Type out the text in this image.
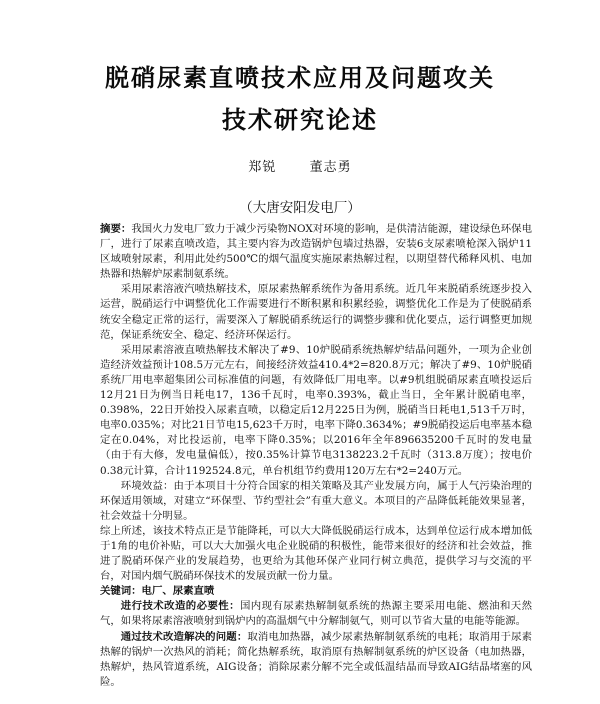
脱硝尿素直喷技术应用及问题攻关
技术研究论述
郑锐	董志勇
（大唐安阳发电厂）

摘要：我国火力发电厂致力于减少污染物NOX对环境的影响，是供清洁能源，建设绿色环保电厂，进行了尿素直喷改造，其主要内容为改造锅炉包墙过热器，安装6支尿素喷枪深入锅炉11区域喷射尿素，利用此处约500℃的烟气温度实施尿素热解过程，以期望替代稀释风机、电加热器和热解炉尿素制氨系统。

采用尿素溶液汽喷热解技术，原尿素热解系统作为备用系统。近几年来脱硝系统逐步投入运营，脱硝运行中调整优化工作需要进行不断积累和积累经验，调整优化工作是为了使脱硝系统安全稳定正常的运行，需要深入了解脱硝系统运行的调整步骤和优化要点，运行调整更加规范，保证系统安全、稳定、经济环保运行。

采用尿素溶液直喷热解技术解决了#9、10炉脱硝系统热解炉结晶问题外，一项为企业创造经济效益预计108.5万元左右，间接经济效益410.4*2=820.8万元；解决了#9、10炉脱硝系统厂用电率超集团公司标准值的问题，有效降低厂用电率。以#9机组脱硝尿素直喷投运后12月21日为例当日耗电17，136千瓦时，电率0.393%，截止当日，全年累计脱硝电率，0.398%，22日开始投入尿素直喷，以稳定后12月225日为例，脱硝当日耗电1,513千万时，电率0.035%；对比21日节电15,623千万时，电率下降0.3634%；#9脱硝投运后电率基本稳定在0.04%，对比投运前，电率下降0.35%；以2016年全年896635200千瓦时的发电量（由于有大修，发电量偏低），按0.35%计算节电3138223.2千瓦时（313.8万度）；按电价0.38元计算，合计1192524.8元，单台机组节约费用120万左右*2=240万元。

环境效益：由于本项目十分符合国家的相关策略及其产业发展方向，属于人气污染治理的环保适用领域，对建立“环保型、节约型社会”有重大意义。本项目的产品降低耗能效果显著，社会效益十分明显。

综上所述，该技术特点正是节能降耗，可以大大降低脱硝运行成本，达到单位运行成本增加低于1角的电价补贴，可以大大加强火电企业脱硝的积极性，能带来很好的经济和社会效益，推进了脱硝环保产业的发展趋势，也更给为其他环保产业同行树立典范，提供学习与交流的平台，对国内烟气脱硝环保技术的发展贡献一份力量。

关键词：电厂、尿素直喷

进行技术改造的必要性：国内现有尿素热解制氨系统的热源主要采用电能、燃油和天然气，如果将尿素溶液喷射到锅炉内的高温烟气中分解制氨气，则可以节省大量的电能等能源。

通过技术改造解决的问题：取消电加热器，减少尿素热解制氨系统的电耗；取消用于尿素热解的锅炉一次热风的消耗；简化热解系统，取消原有热解制氨系统的炉区设备（电加热器，热解炉，热风管道系统，AIG设备；消除尿素分解不完全或低温结晶而导致AIG结晶堵塞的风险。
